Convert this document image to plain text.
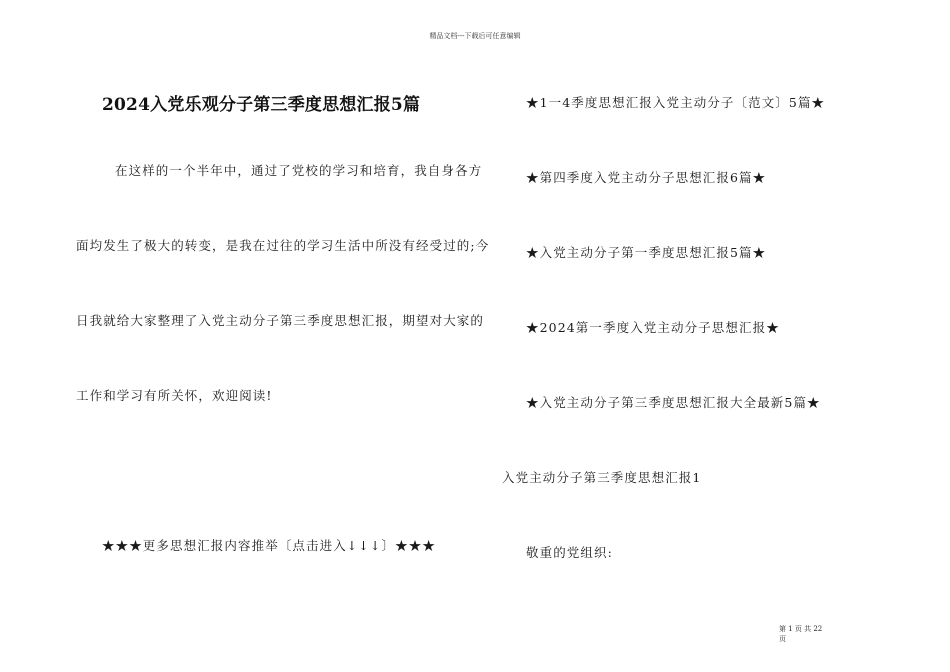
精品文档---下载后可任意编辑
2024入党乐观分子第三季度思想汇报5篇
在这样的一个半年中，通过了党校的学习和培育，我自身各方
面均发生了极大的转变，是我在过往的学习生活中所没有经受过的;今
日我就给大家整理了入党主动分子第三季度思想汇报，期望对大家的
工作和学习有所关怀，欢迎阅读!
★★★更多思想汇报内容推举〔点击进入↓↓↓〕★★★
★1一4季度思想汇报入党主动分子〔范文〕5篇★
★第四季度入党主动分子思想汇报6篇★
★入党主动分子第一季度思想汇报5篇★
★2024第一季度入党主动分子思想汇报★
★入党主动分子第三季度思想汇报大全最新5篇★
入党主动分子第三季度思想汇报1
敬重的党组织:
第 1 页 共 22
页
